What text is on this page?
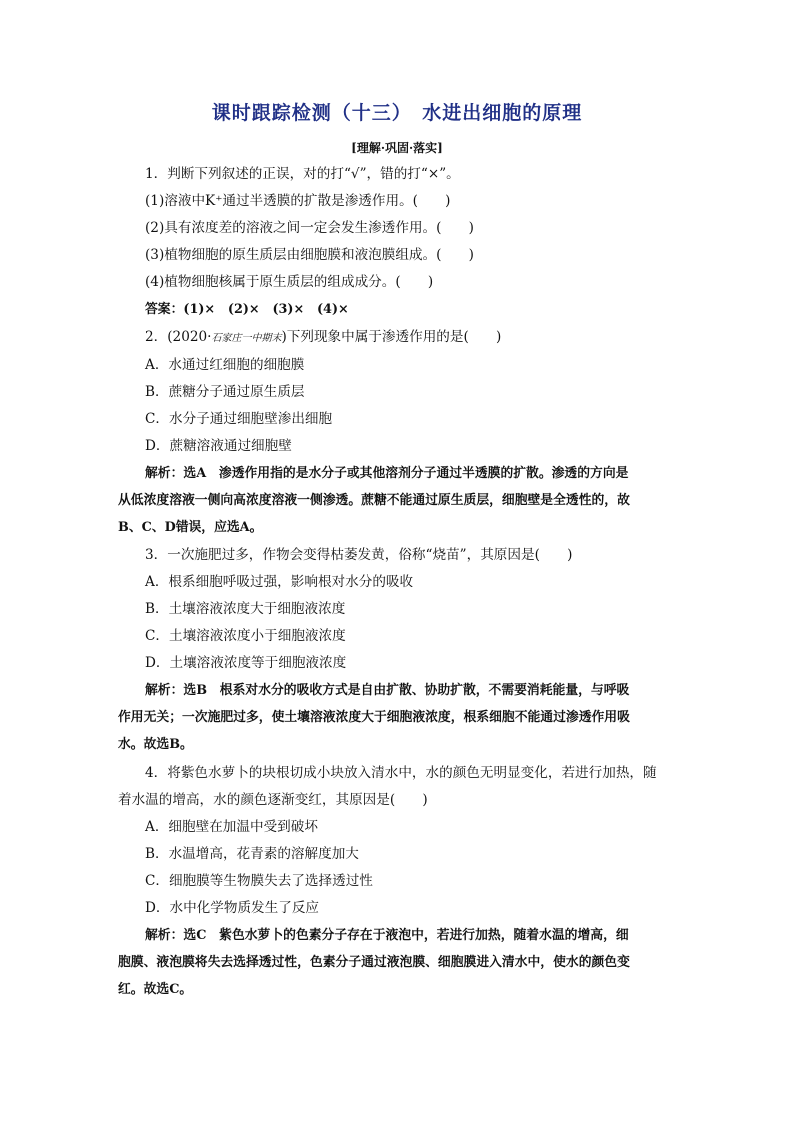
课时跟踪检测（十三）　水进出细胞的原理
[理解·巩固·落实]
1．判断下列叙述的正误，对的打“√”，错的打“×”。
(1)溶液中K⁺通过半透膜的扩散是渗透作用。(　　)
(2)具有浓度差的溶液之间一定会发生渗透作用。(　　)
(3)植物细胞的原生质层由细胞膜和液泡膜组成。(　　)
(4)植物细胞核属于原生质层的组成成分。(　　)
答案：(1)×　(2)×　(3)×　(4)×
2．(2020·石家庄一中期末)下列现象中属于渗透作用的是(　　)
A．水通过红细胞的细胞膜
B．蔗糖分子通过原生质层
C．水分子通过细胞壁渗出细胞
D．蔗糖溶液通过细胞壁
解析：选A　渗透作用指的是水分子或其他溶剂分子通过半透膜的扩散。渗透的方向是
从低浓度溶液一侧向高浓度溶液一侧渗透。蔗糖不能通过原生质层，细胞壁是全透性的，故
B、C、D错误，应选A。
3．一次施肥过多，作物会变得枯萎发黄，俗称“烧苗”，其原因是(　　)
A．根系细胞呼吸过强，影响根对水分的吸收
B．土壤溶液浓度大于细胞液浓度
C．土壤溶液浓度小于细胞液浓度
D．土壤溶液浓度等于细胞液浓度
解析：选B　根系对水分的吸收方式是自由扩散、协助扩散，不需要消耗能量，与呼吸
作用无关；一次施肥过多，使土壤溶液浓度大于细胞液浓度，根系细胞不能通过渗透作用吸
水。故选B。
4．将紫色水萝卜的块根切成小块放入清水中，水的颜色无明显变化，若进行加热，随
着水温的增高，水的颜色逐渐变红，其原因是(　　)
A．细胞壁在加温中受到破坏
B．水温增高，花青素的溶解度加大
C．细胞膜等生物膜失去了选择透过性
D．水中化学物质发生了反应
解析：选C　紫色水萝卜的色素分子存在于液泡中，若进行加热，随着水温的增高，细
胞膜、液泡膜将失去选择透过性，色素分子通过液泡膜、细胞膜进入清水中，使水的颜色变
红。故选C。
